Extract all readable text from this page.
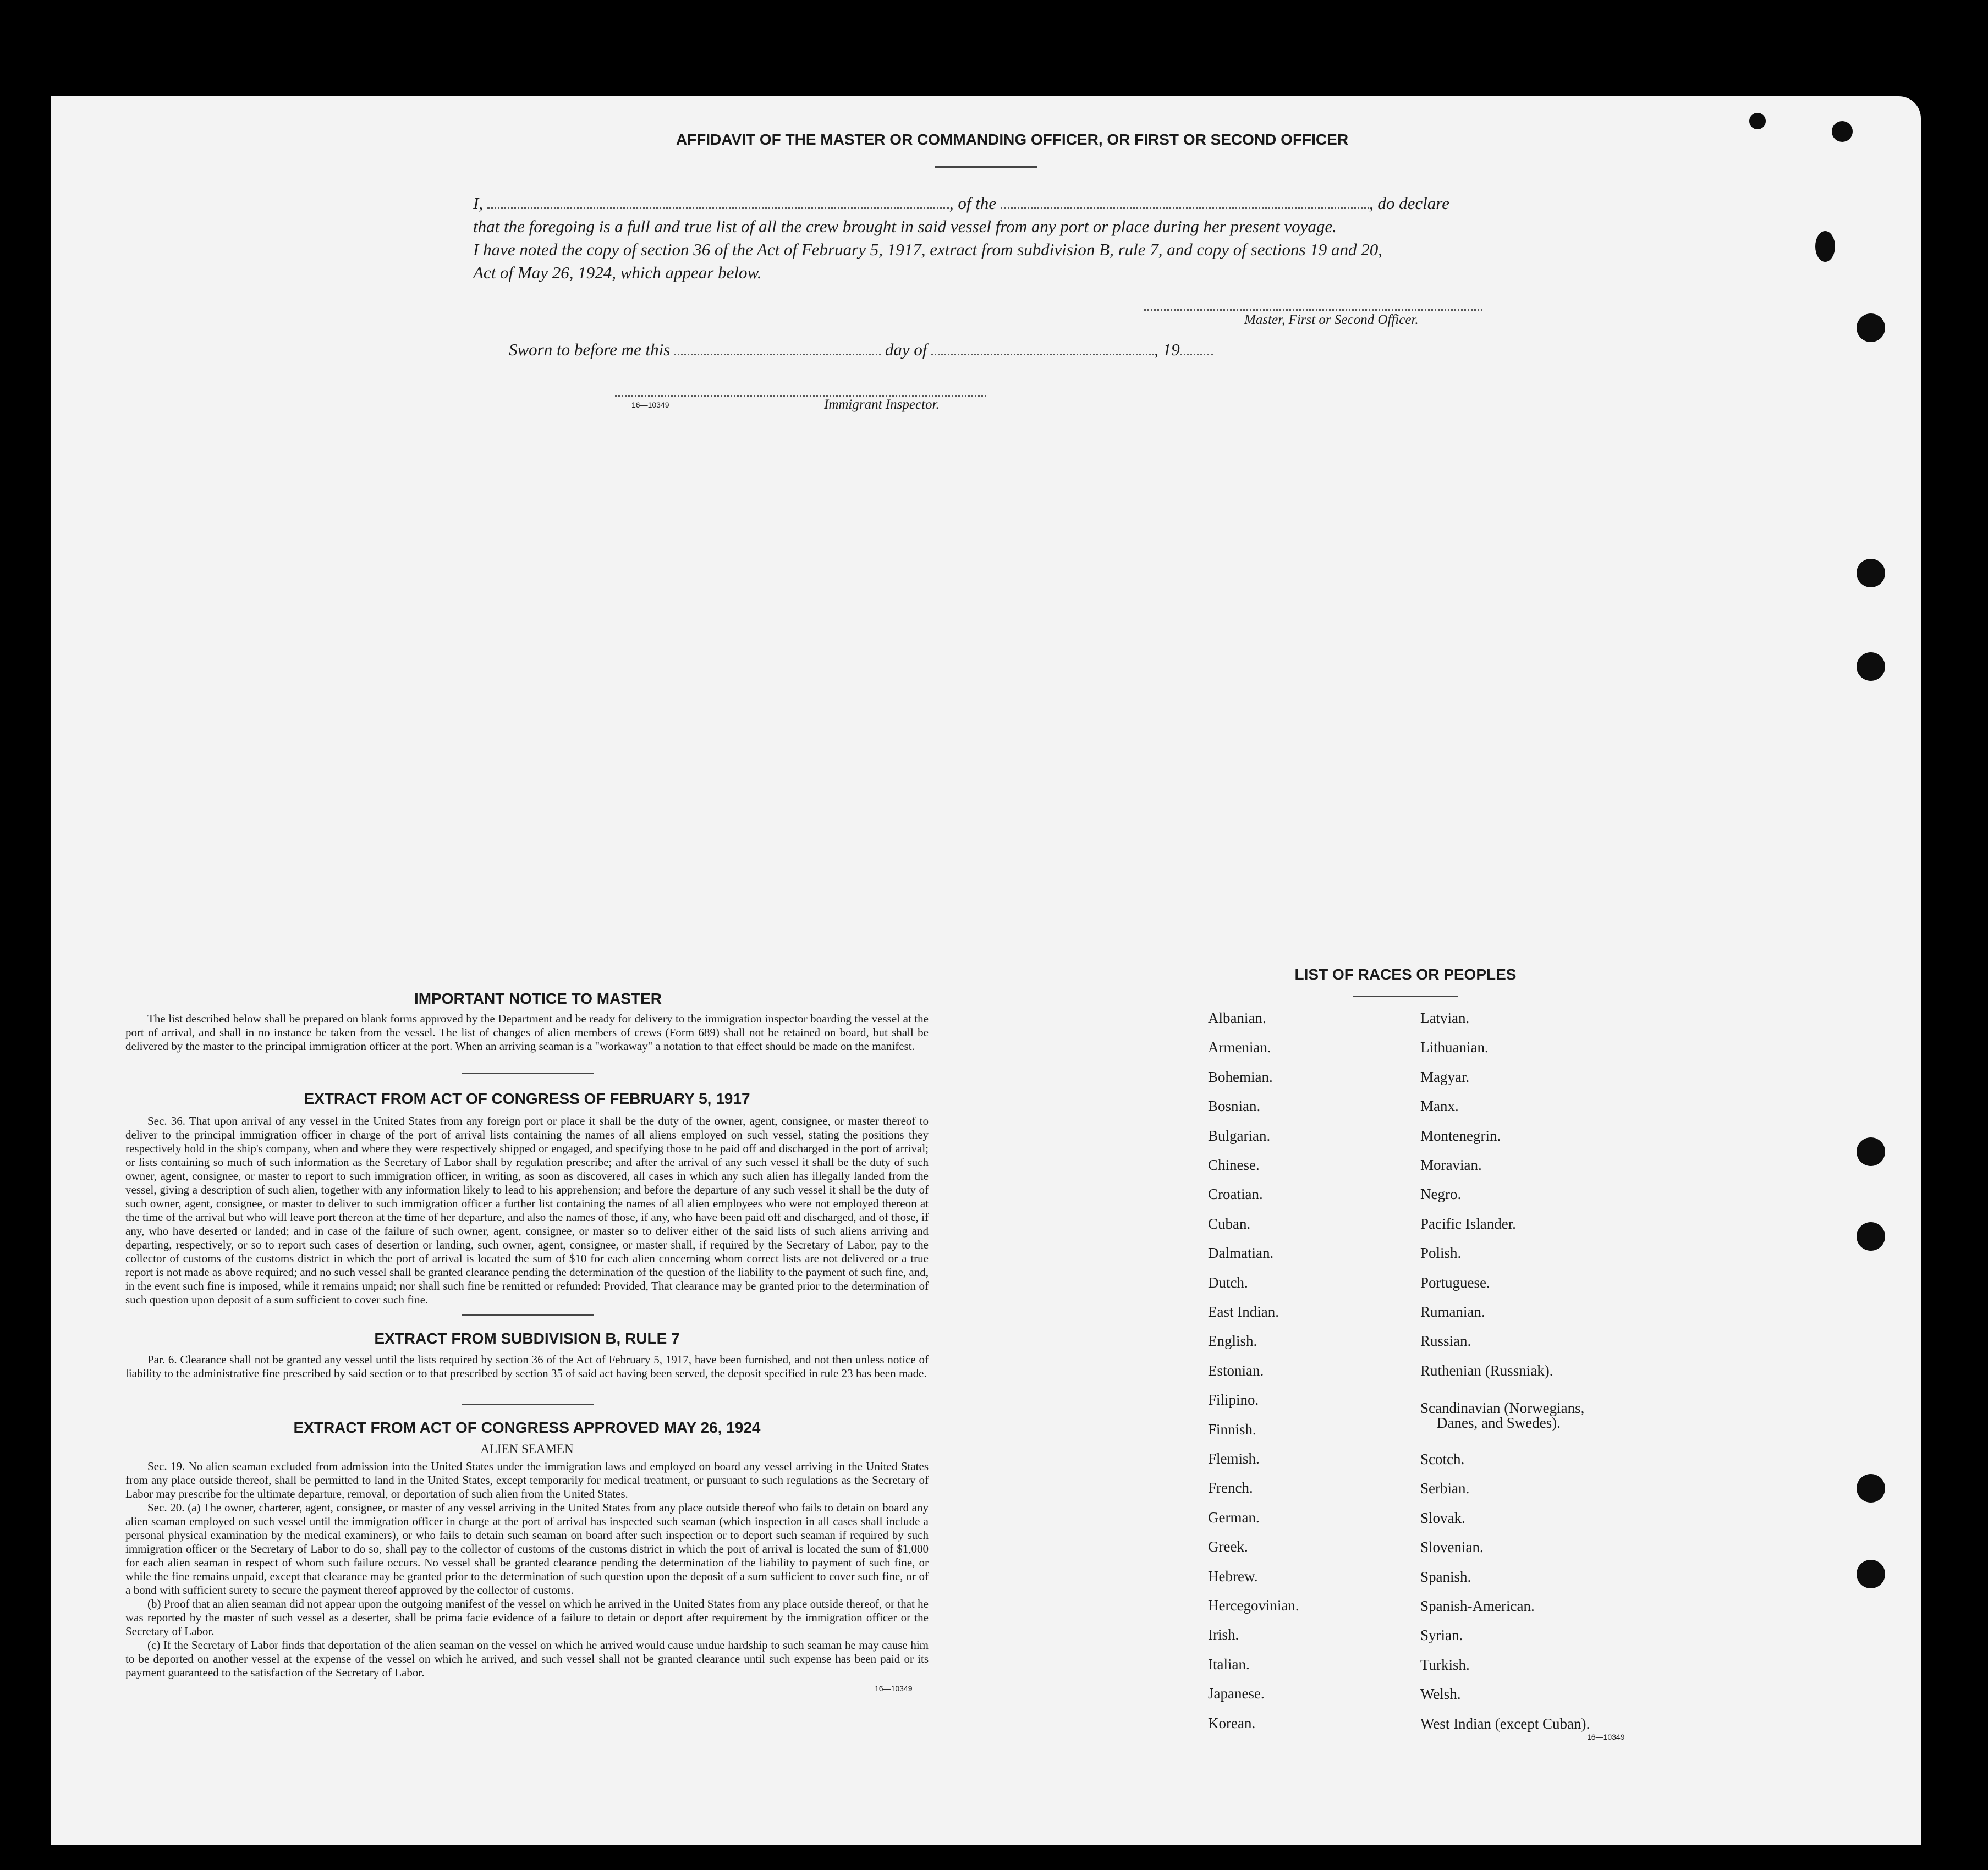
AFFIDAVIT OF THE MASTER OR COMMANDING OFFICER, OR FIRST OR SECOND OFFICER
I,	, of the	, do declare
that the foregoing is a full and true list of all the crew brought in said vessel from any port or place during her present voyage.
I have noted the copy of section 36 of the Act of February 5, 1917, extract from subdivision B, rule 7, and copy of sections 19 and 20,
Act of May 26, 1924, which appear below.
Master, First or Second Officer.
Sworn to before me this	day of	, 19
16—10349	Immigrant Inspector.
IMPORTANT NOTICE TO MASTER

The list described below shall be prepared on blank forms approved by the Department and be ready for delivery to the immigration inspector boarding the vessel at the port of arrival, and shall in no instance be taken from the vessel. The list of changes of alien members of crews (Form 689) shall not be retained on board, but shall be delivered by the master to the principal immigration officer at the port. When an arriving seaman is a "workaway" a notation to that effect should be made on the manifest.

EXTRACT FROM ACT OF CONGRESS OF FEBRUARY 5, 1917

Sec. 36. That upon arrival of any vessel in the United States from any foreign port or place it shall be the duty of the owner, agent, consignee, or master thereof to deliver to the principal immigration officer in charge of the port of arrival lists containing the names of all aliens employed on such vessel, stating the positions they respectively hold in the ship's company, when and where they were respectively shipped or engaged, and specifying those to be paid off and discharged in the port of arrival; or lists containing so much of such information as the Secretary of Labor shall by regulation prescribe; and after the arrival of any such vessel it shall be the duty of such owner, agent, consignee, or master to report to such immigration officer, in writing, as soon as discovered, all cases in which any such alien has illegally landed from the vessel, giving a description of such alien, together with any information likely to lead to his apprehension; and before the departure of any such vessel it shall be the duty of such owner, agent, consignee, or master to deliver to such immigration officer a further list containing the names of all alien employees who were not employed thereon at the time of the arrival but who will leave port thereon at the time of her departure, and also the names of those, if any, who have been paid off and discharged, and of those, if any, who have deserted or landed; and in case of the failure of such owner, agent, consignee, or master so to deliver either of the said lists of such aliens arriving and departing, respectively, or so to report such cases of desertion or landing, such owner, agent, consignee, or master shall, if required by the Secretary of Labor, pay to the collector of customs of the customs district in which the port of arrival is located the sum of $10 for each alien concerning whom correct lists are not delivered or a true report is not made as above required; and no such vessel shall be granted clearance pending the determination of the question of the liability to the payment of such fine, and, in the event such fine is imposed, while it remains unpaid; nor shall such fine be remitted or refunded: Provided, That clearance may be granted prior to the determination of such question upon deposit of a sum sufficient to cover such fine.

EXTRACT FROM SUBDIVISION B, RULE 7

Par. 6. Clearance shall not be granted any vessel until the lists required by section 36 of the Act of February 5, 1917, have been furnished, and not then unless notice of liability to the administrative fine prescribed by said section or to that prescribed by section 35 of said act having been served, the deposit specified in rule 23 has been made.

EXTRACT FROM ACT OF CONGRESS APPROVED MAY 26, 1924
ALIEN SEAMEN

Sec. 19. No alien seaman excluded from admission into the United States under the immigration laws and employed on board any vessel arriving in the United States from any place outside thereof, shall be permitted to land in the United States, except temporarily for medical treatment, or pursuant to such regulations as the Secretary of Labor may prescribe for the ultimate departure, removal, or deportation of such alien from the United States.

Sec. 20. (a) The owner, charterer, agent, consignee, or master of any vessel arriving in the United States from any place outside thereof who fails to detain on board any alien seaman employed on such vessel until the immigration officer in charge at the port of arrival has inspected such seaman (which inspection in all cases shall include a personal physical examination by the medical examiners), or who fails to detain such seaman on board after such inspection or to deport such seaman if required by such immigration officer or the Secretary of Labor to do so, shall pay to the collector of customs of the customs district in which the port of arrival is located the sum of $1,000 for each alien seaman in respect of whom such failure occurs. No vessel shall be granted clearance pending the determination of the liability to payment of such fine, or while the fine remains unpaid, except that clearance may be granted prior to the determination of such question upon the deposit of a sum sufficient to cover such fine, or of a bond with sufficient surety to secure the payment thereof approved by the collector of customs.

(b) Proof that an alien seaman did not appear upon the outgoing manifest of the vessel on which he arrived in the United States from any place outside thereof, or that he was reported by the master of such vessel as a deserter, shall be prima facie evidence of a failure to detain or deport after requirement by the immigration officer or the Secretary of Labor.

(c) If the Secretary of Labor finds that deportation of the alien seaman on the vessel on which he arrived would cause undue hardship to such seaman he may cause him to be deported on another vessel at the expense of the vessel on which he arrived, and such vessel shall not be granted clearance until such expense has been paid or its payment guaranteed to the satisfaction of the Secretary of Labor.

16—10349
LIST OF RACES OR PEOPLES
Albanian.
Armenian.
Bohemian.
Bosnian.
Bulgarian.
Chinese.
Croatian.
Cuban.
Dalmatian.
Dutch.
East Indian.
English.
Estonian.
Filipino.
Finnish.
Flemish.
French.
German.
Greek.
Hebrew.
Hercegovinian.
Irish.
Italian.
Japanese.
Korean.
Latvian.
Lithuanian.
Magyar.
Manx.
Montenegrin.
Moravian.
Negro.
Pacific Islander.
Polish.
Portuguese.
Rumanian.
Russian.
Ruthenian (Russniak).
Scandinavian (Norwegians,
Danes, and Swedes).
Scotch.
Serbian.
Slovak.
Slovenian.
Spanish.
Spanish-American.
Syrian.
Turkish.
Welsh.
West Indian (except Cuban).
16—10349
